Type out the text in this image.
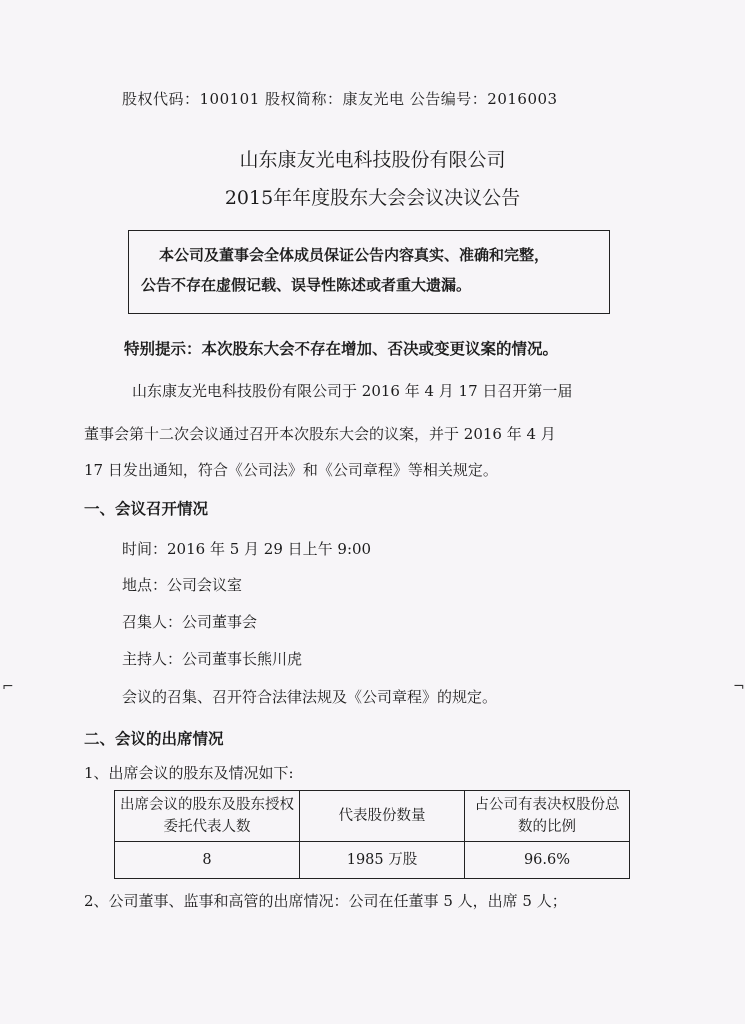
股权代码：100101 股权简称：康友光电 公告编号：2016003
山东康友光电科技股份有限公司
2015年年度股东大会会议决议公告
本公司及董事会全体成员保证公告内容真实、准确和完整，
公告不存在虚假记载、误导性陈述或者重大遗漏。
特别提示：本次股东大会不存在增加、否决或变更议案的情况。
山东康友光电科技股份有限公司于 2016 年 4 月 17 日召开第一届
董事会第十二次会议通过召开本次股东大会的议案，并于 2016 年 4 月
17 日发出通知，符合《公司法》和《公司章程》等相关规定。
一、会议召开情况
时间：2016 年 5 月 29 日上午 9:00
地点：公司会议室
召集人：公司董事会
主持人：公司董事长熊川虎
会议的召集、召开符合法律法规及《公司章程》的规定。
二、会议的出席情况
1、出席会议的股东及情况如下:
出席会议的股东及股东授权委托代表人数	代表股份数量	占公司有表决权股份总数的比例
8	1985 万股	96.6%
2、公司董事、监事和高管的出席情况：公司在任董事 5 人，出席 5 人；
⌐	¬
